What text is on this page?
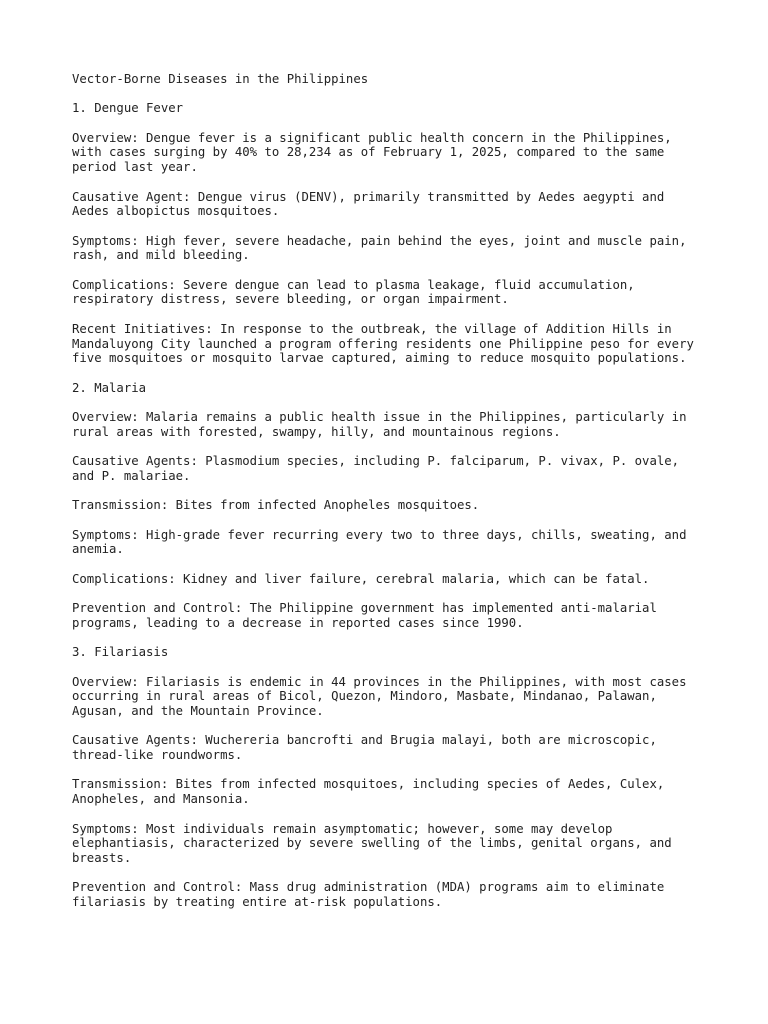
Vector-Borne Diseases in the Philippines

1. Dengue Fever

Overview: Dengue fever is a significant public health concern in the Philippines, with cases surging by 40% to 28,234 as of February 1, 2025, compared to the same period last year.

Causative Agent: Dengue virus (DENV), primarily transmitted by Aedes aegypti and Aedes albopictus mosquitoes.

Symptoms: High fever, severe headache, pain behind the eyes, joint and muscle pain, rash, and mild bleeding.

Complications: Severe dengue can lead to plasma leakage, fluid accumulation, respiratory distress, severe bleeding, or organ impairment.

Recent Initiatives: In response to the outbreak, the village of Addition Hills in Mandaluyong City launched a program offering residents one Philippine peso for every five mosquitoes or mosquito larvae captured, aiming to reduce mosquito populations.

2. Malaria

Overview: Malaria remains a public health issue in the Philippines, particularly in rural areas with forested, swampy, hilly, and mountainous regions.

Causative Agents: Plasmodium species, including P. falciparum, P. vivax, P. ovale, and P. malariae.

Transmission: Bites from infected Anopheles mosquitoes.

Symptoms: High-grade fever recurring every two to three days, chills, sweating, and anemia.

Complications: Kidney and liver failure, cerebral malaria, which can be fatal.

Prevention and Control: The Philippine government has implemented anti-malarial programs, leading to a decrease in reported cases since 1990.

3. Filariasis

Overview: Filariasis is endemic in 44 provinces in the Philippines, with most cases occurring in rural areas of Bicol, Quezon, Mindoro, Masbate, Mindanao, Palawan, Agusan, and the Mountain Province.

Causative Agents: Wuchereria bancrofti and Brugia malayi, both are microscopic, thread-like roundworms.

Transmission: Bites from infected mosquitoes, including species of Aedes, Culex, Anopheles, and Mansonia.

Symptoms: Most individuals remain asymptomatic; however, some may develop elephantiasis, characterized by severe swelling of the limbs, genital organs, and breasts.

Prevention and Control: Mass drug administration (MDA) programs aim to eliminate filariasis by treating entire at-risk populations.
